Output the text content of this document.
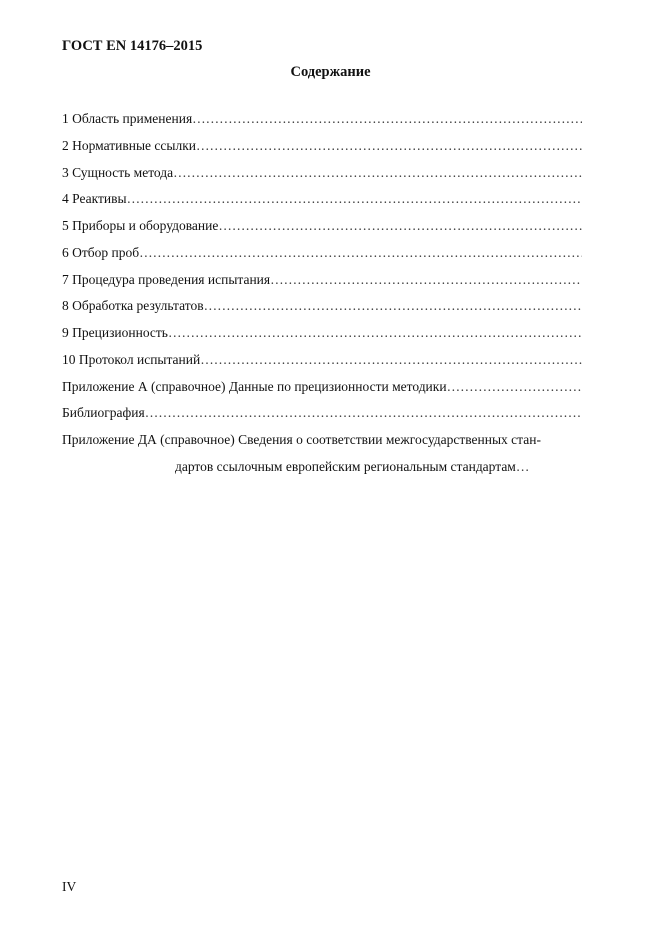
ГОСТ EN 14176–2015
Содержание
1 Область применения
……………………………………………………………………………………………………………………………
2 Нормативные ссылки
……………………………………………………………………………………………………………………………
3 Сущность метода
……………………………………………………………………………………………………………………………
4 Реактивы
……………………………………………………………………………………………………………………………
5 Приборы и оборудование
……………………………………………………………………………………………………………………………
6 Отбор проб
……………………………………………………………………………………………………………………………
7 Процедура проведения испытания
……………………………………………………………………………………………………………………………
8 Обработка результатов
……………………………………………………………………………………………………………………………
9 Прецизионность
……………………………………………………………………………………………………………………………
10 Протокол испытаний
……………………………………………………………………………………………………………………………
Приложение А (справочное) Данные по прецизионности методики
……………………………………………………………………………………………………………………………
Библиография
……………………………………………………………………………………………………………………………
Приложение ДА (справочное) Сведения о соответствии межгосударственных стан-
дартов ссылочным европейским региональным стандартам
…
IV
